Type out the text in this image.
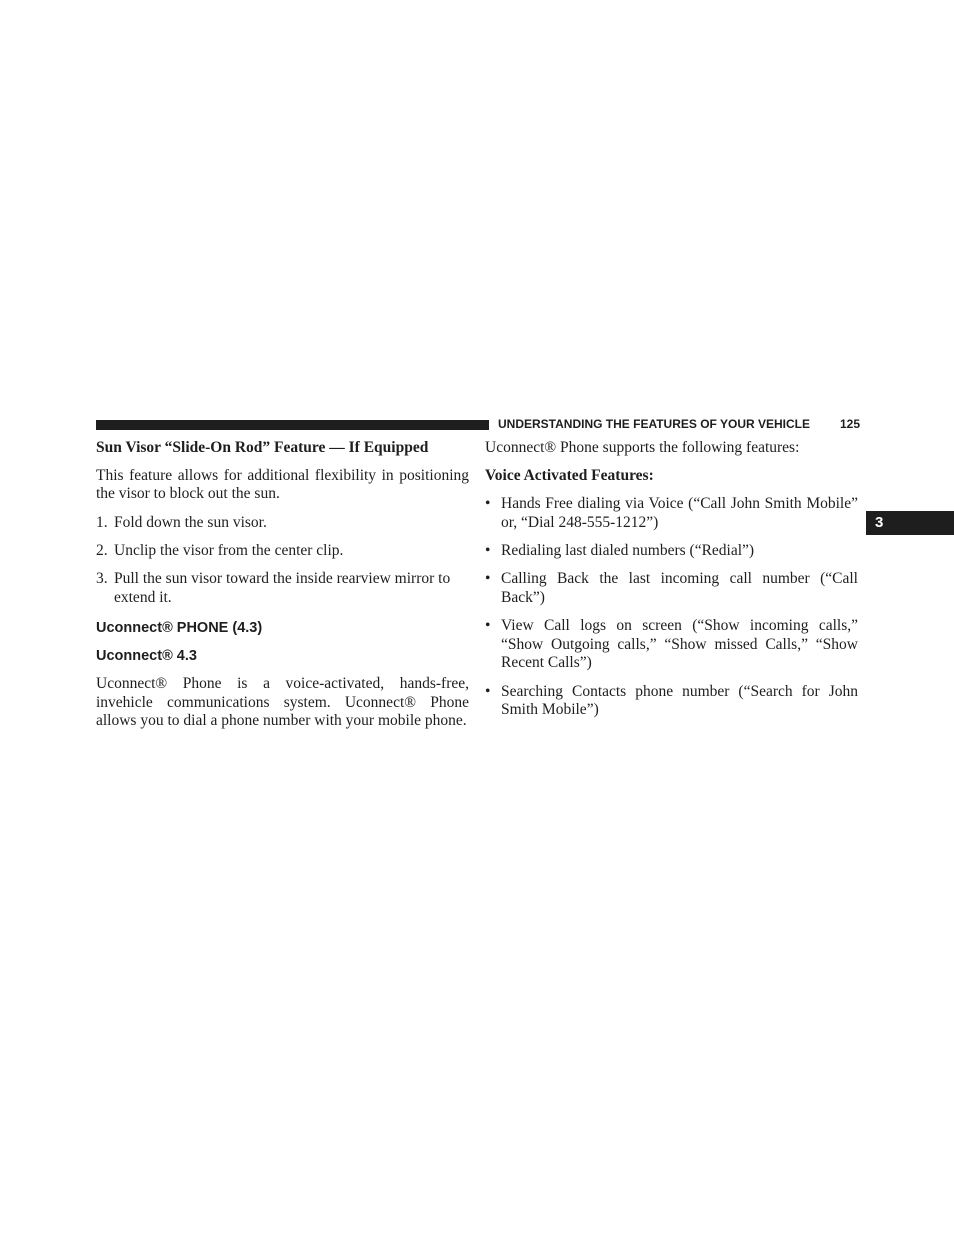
UNDERSTANDING THE FEATURES OF YOUR VEHICLE	125
3

Sun Visor “Slide-On Rod” Feature — If Equipped

This feature allows for additional flexibility in positioning the visor to block out the sun.

1. Fold down the sun visor.
2. Unclip the visor from the center clip.
3. Pull the sun visor toward the inside rearview mirror to extend it.

Uconnect® PHONE (4.3)

Uconnect® 4.3

Uconnect® Phone is a voice-activated, hands-free, invehicle communications system. Uconnect® Phone allows you to dial a phone number with your mobile phone.

Uconnect® Phone supports the following features:

Voice Activated Features:

• Hands Free dialing via Voice (“Call John Smith Mobile” or, “Dial 248-555-1212”)
• Redialing last dialed numbers (“Redial”)
• Calling Back the last incoming call number (“Call Back”)
• View Call logs on screen (“Show incoming calls,” “Show Outgoing calls,” “Show missed Calls,” “Show Recent Calls”)
• Searching Contacts phone number (“Search for John Smith Mobile”)
